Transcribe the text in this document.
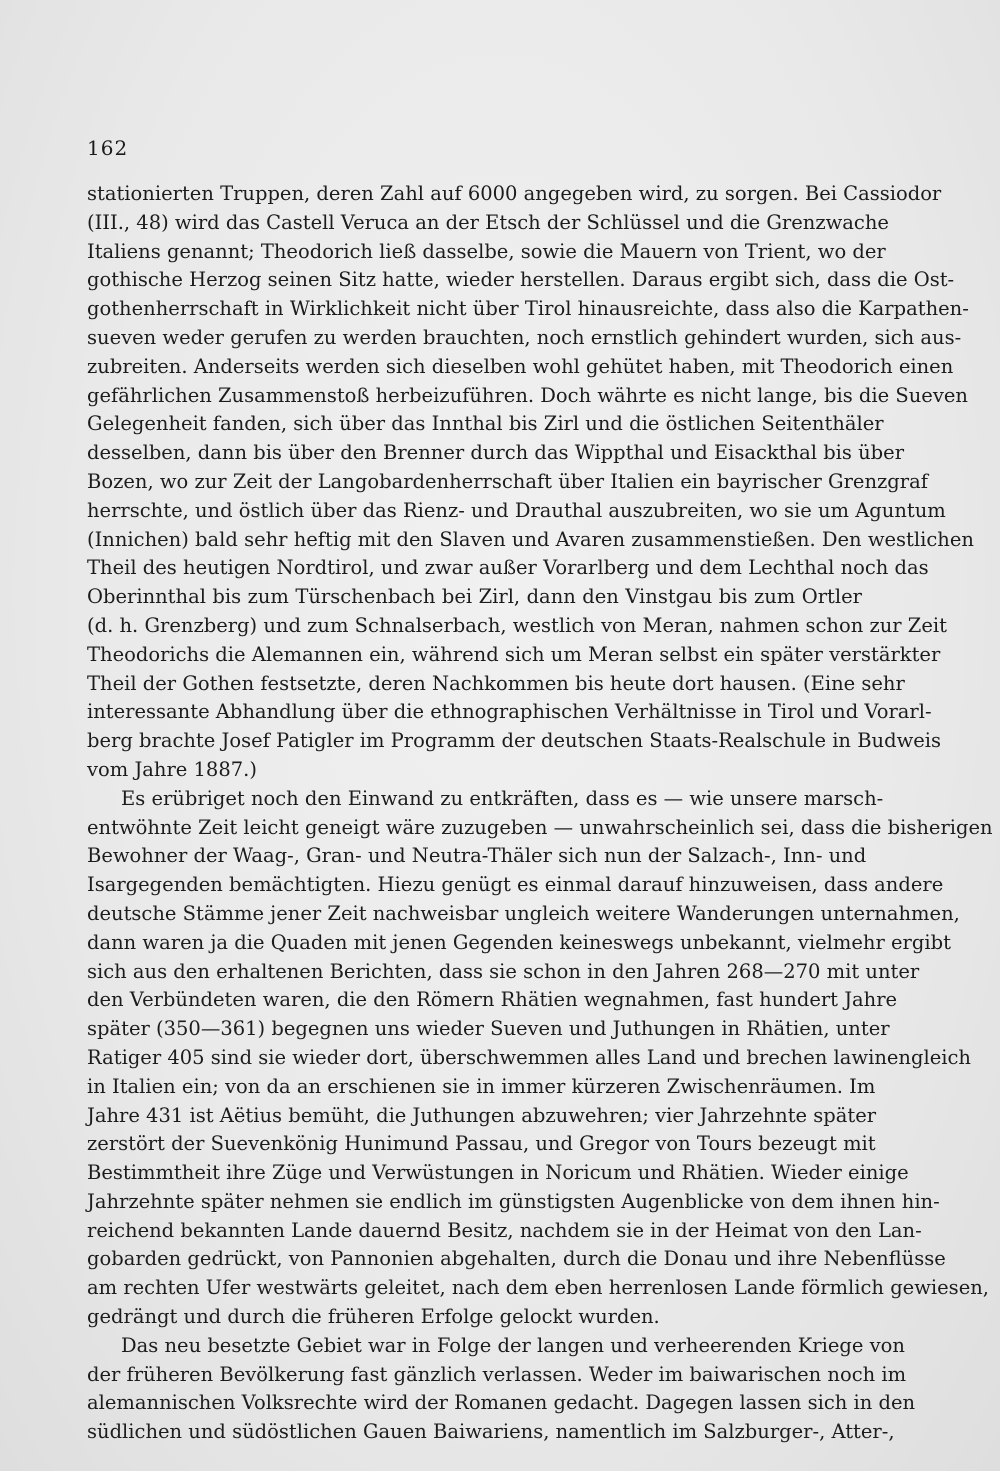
162
stationierten Truppen, deren Zahl auf 6000 angegeben wird, zu sorgen. Bei Cassiodor
(III., 48) wird das Castell Veruca an der Etsch der Schlüssel und die Grenzwache
Italiens genannt; Theodorich ließ dasselbe, sowie die Mauern von Trient, wo der
gothische Herzog seinen Sitz hatte, wieder herstellen. Daraus ergibt sich, dass die Ost-
gothenherrschaft in Wirklichkeit nicht über Tirol hinausreichte, dass also die Karpathen-
sueven weder gerufen zu werden brauchten, noch ernstlich gehindert wurden, sich aus-
zubreiten. Anderseits werden sich dieselben wohl gehütet haben, mit Theodorich einen
gefährlichen Zusammenstoß herbeizuführen. Doch währte es nicht lange, bis die Sueven
Gelegenheit fanden, sich über das Innthal bis Zirl und die östlichen Seitenthäler
desselben, dann bis über den Brenner durch das Wippthal und Eisackthal bis über
Bozen, wo zur Zeit der Langobardenherrschaft über Italien ein bayrischer Grenzgraf
herrschte, und östlich über das Rienz- und Drauthal auszubreiten, wo sie um Aguntum
(Innichen) bald sehr heftig mit den Slaven und Avaren zusammenstießen. Den westlichen
Theil des heutigen Nordtirol, und zwar außer Vorarlberg und dem Lechthal noch das
Oberinnthal bis zum Türschenbach bei Zirl, dann den Vinstgau bis zum Ortler
(d. h. Grenzberg) und zum Schnalserbach, westlich von Meran, nahmen schon zur Zeit
Theodorichs die Alemannen ein, während sich um Meran selbst ein später verstärkter
Theil der Gothen festsetzte, deren Nachkommen bis heute dort hausen. (Eine sehr
interessante Abhandlung über die ethnographischen Verhältnisse in Tirol und Vorarl-
berg brachte Josef Patigler im Programm der deutschen Staats-Realschule in Budweis
vom Jahre 1887.)
Es erübriget noch den Einwand zu entkräften, dass es — wie unsere marsch-
entwöhnte Zeit leicht geneigt wäre zuzugeben — unwahrscheinlich sei, dass die bisherigen
Bewohner der Waag-, Gran- und Neutra-Thäler sich nun der Salzach-, Inn- und
Isargegenden bemächtigten. Hiezu genügt es einmal darauf hinzuweisen, dass andere
deutsche Stämme jener Zeit nachweisbar ungleich weitere Wanderungen unternahmen,
dann waren ja die Quaden mit jenen Gegenden keineswegs unbekannt, vielmehr ergibt
sich aus den erhaltenen Berichten, dass sie schon in den Jahren 268—270 mit unter
den Verbündeten waren, die den Römern Rhätien wegnahmen, fast hundert Jahre
später (350—361) begegnen uns wieder Sueven und Juthungen in Rhätien, unter
Ratiger 405 sind sie wieder dort, überschwemmen alles Land und brechen lawinengleich
in Italien ein; von da an erschienen sie in immer kürzeren Zwischenräumen. Im
Jahre 431 ist Aëtius bemüht, die Juthungen abzuwehren; vier Jahrzehnte später
zerstört der Suevenkönig Hunimund Passau, und Gregor von Tours bezeugt mit
Bestimmtheit ihre Züge und Verwüstungen in Noricum und Rhätien. Wieder einige
Jahrzehnte später nehmen sie endlich im günstigsten Augenblicke von dem ihnen hin-
reichend bekannten Lande dauernd Besitz, nachdem sie in der Heimat von den Lan-
gobarden gedrückt, von Pannonien abgehalten, durch die Donau und ihre Nebenflüsse
am rechten Ufer westwärts geleitet, nach dem eben herrenlosen Lande förmlich gewiesen,
gedrängt und durch die früheren Erfolge gelockt wurden.
Das neu besetzte Gebiet war in Folge der langen und verheerenden Kriege von
der früheren Bevölkerung fast gänzlich verlassen. Weder im baiwarischen noch im
alemannischen Volksrechte wird der Romanen gedacht. Dagegen lassen sich in den
südlichen und südöstlichen Gauen Baiwariens, namentlich im Salzburger-, Atter-,
